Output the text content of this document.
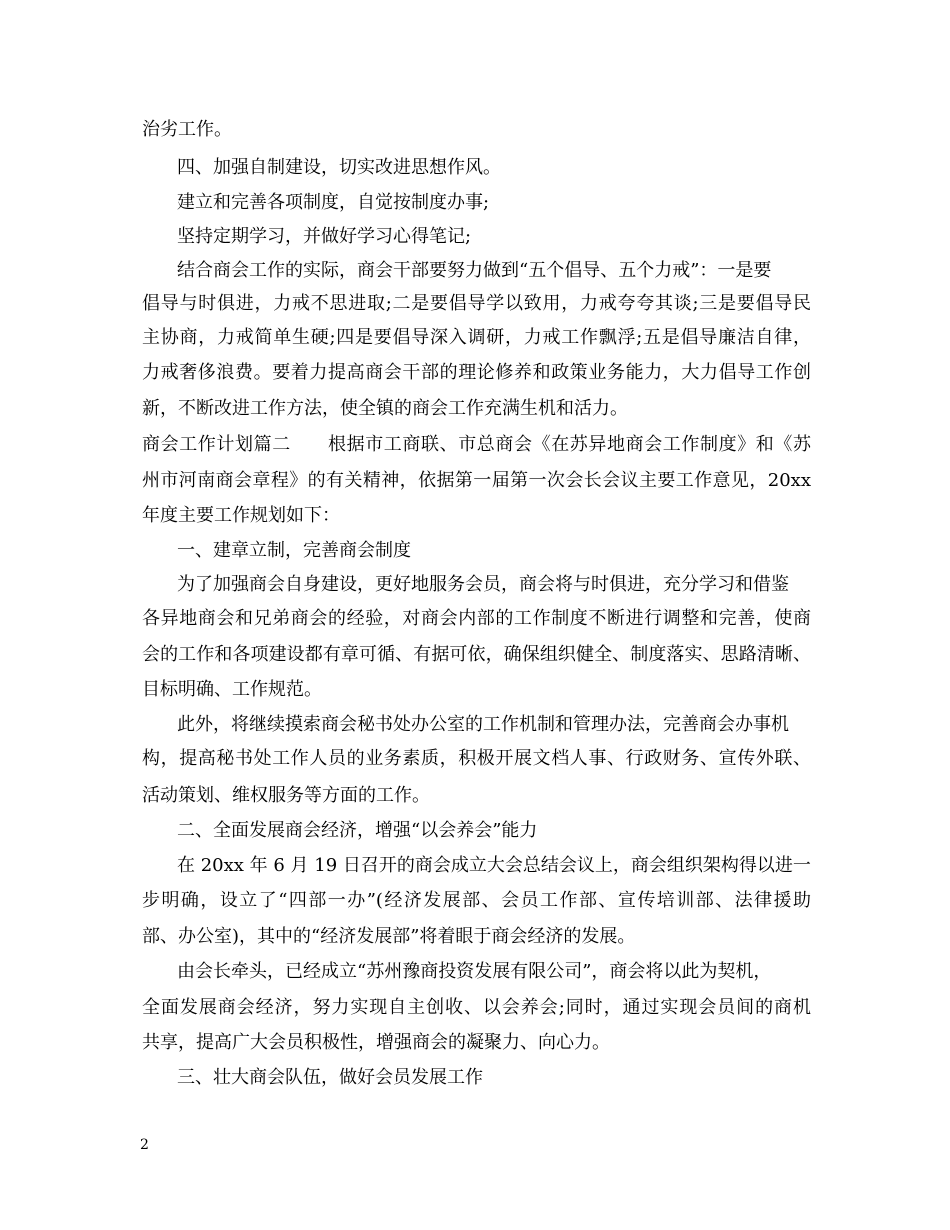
治劣工作。
四、加强自制建设，切实改进思想作风。
建立和完善各项制度，自觉按制度办事;
坚持定期学习，并做好学习心得笔记;
结合商会工作的实际，商会干部要努力做到“五个倡导、五个力戒”：一是要
倡导与时俱进，力戒不思进取;二是要倡导学以致用，力戒夸夸其谈;三是要倡导民
主协商，力戒简单生硬;四是要倡导深入调研，力戒工作飘浮;五是倡导廉洁自律，
力戒奢侈浪费。要着力提高商会干部的理论修养和政策业务能力，大力倡导工作创
新，不断改进工作方法，使全镇的商会工作充满生机和活力。
商会工作计划篇二　　根据市工商联、市总商会《在苏异地商会工作制度》和《苏
州市河南商会章程》的有关精神，依据第一届第一次会长会议主要工作意见，20xx
年度主要工作规划如下：
一、建章立制，完善商会制度
为了加强商会自身建设，更好地服务会员，商会将与时俱进，充分学习和借鉴
各异地商会和兄弟商会的经验，对商会内部的工作制度不断进行调整和完善，使商
会的工作和各项建设都有章可循、有据可依，确保组织健全、制度落实、思路清晰、
目标明确、工作规范。
此外，将继续摸索商会秘书处办公室的工作机制和管理办法，完善商会办事机
构，提高秘书处工作人员的业务素质，积极开展文档人事、行政财务、宣传外联、
活动策划、维权服务等方面的工作。
二、全面发展商会经济，增强“以会养会”能力
在 20xx 年 6 月 19 日召开的商会成立大会总结会议上，商会组织架构得以进一
步明确，设立了“四部一办”(经济发展部、会员工作部、宣传培训部、法律援助
部、办公室)，其中的“经济发展部”将着眼于商会经济的发展。
由会长牵头，已经成立“苏州豫商投资发展有限公司”，商会将以此为契机，
全面发展商会经济，努力实现自主创收、以会养会;同时，通过实现会员间的商机
共享，提高广大会员积极性，增强商会的凝聚力、向心力。
三、壮大商会队伍，做好会员发展工作
2
